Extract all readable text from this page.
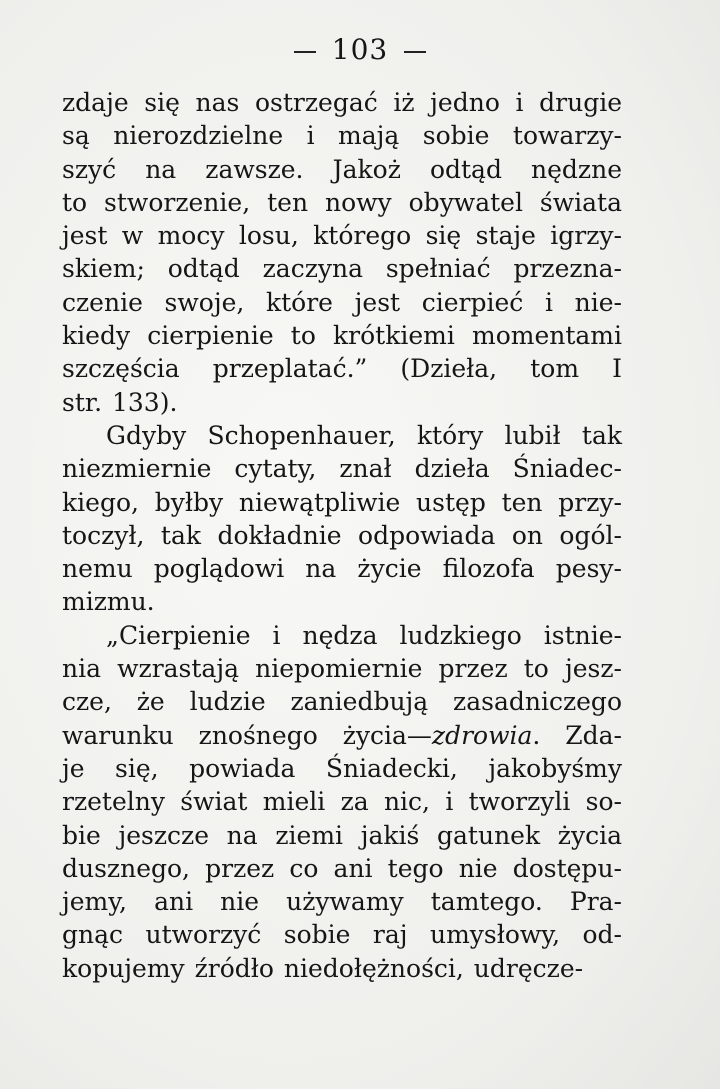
103

zdaje się nas ostrzegać iż jedno i drugie
są nierozdzielne i mają sobie towarzy-
szyć na zawsze. Jakoż odtąd nędzne
to stworzenie, ten nowy obywatel świata
jest w mocy losu, którego się staje igrzy-
skiem; odtąd zaczyna spełniać przezna-
czenie swoje, które jest cierpieć i nie-
kiedy cierpienie to krótkiemi momentami
szczęścia przeplatać.” (Dzieła, tom I
str. 133).

Gdyby Schopenhauer, który lubił tak
niezmiernie cytaty, znał dzieła Śniadec-
kiego, byłby niewątpliwie ustęp ten przy-
toczył, tak dokładnie odpowiada on ogól-
nemu poglądowi na życie filozofa pesy-
mizmu.

„Cierpienie i nędza ludzkiego istnie-
nia wzrastają niepomiernie przez to jesz-
cze, że ludzie zaniedbują zasadniczego
warunku znośnego życia—zdrowia. Zda-
je się, powiada Śniadecki, jakobyśmy
rzetelny świat mieli za nic, i tworzyli so-
bie jeszcze na ziemi jakiś gatunek życia
dusznego, przez co ani tego nie dostępu-
jemy, ani nie używamy tamtego. Pra-
gnąc utworzyć sobie raj umysłowy, od-
kopujemy źródło niedołężności, udręcze-
